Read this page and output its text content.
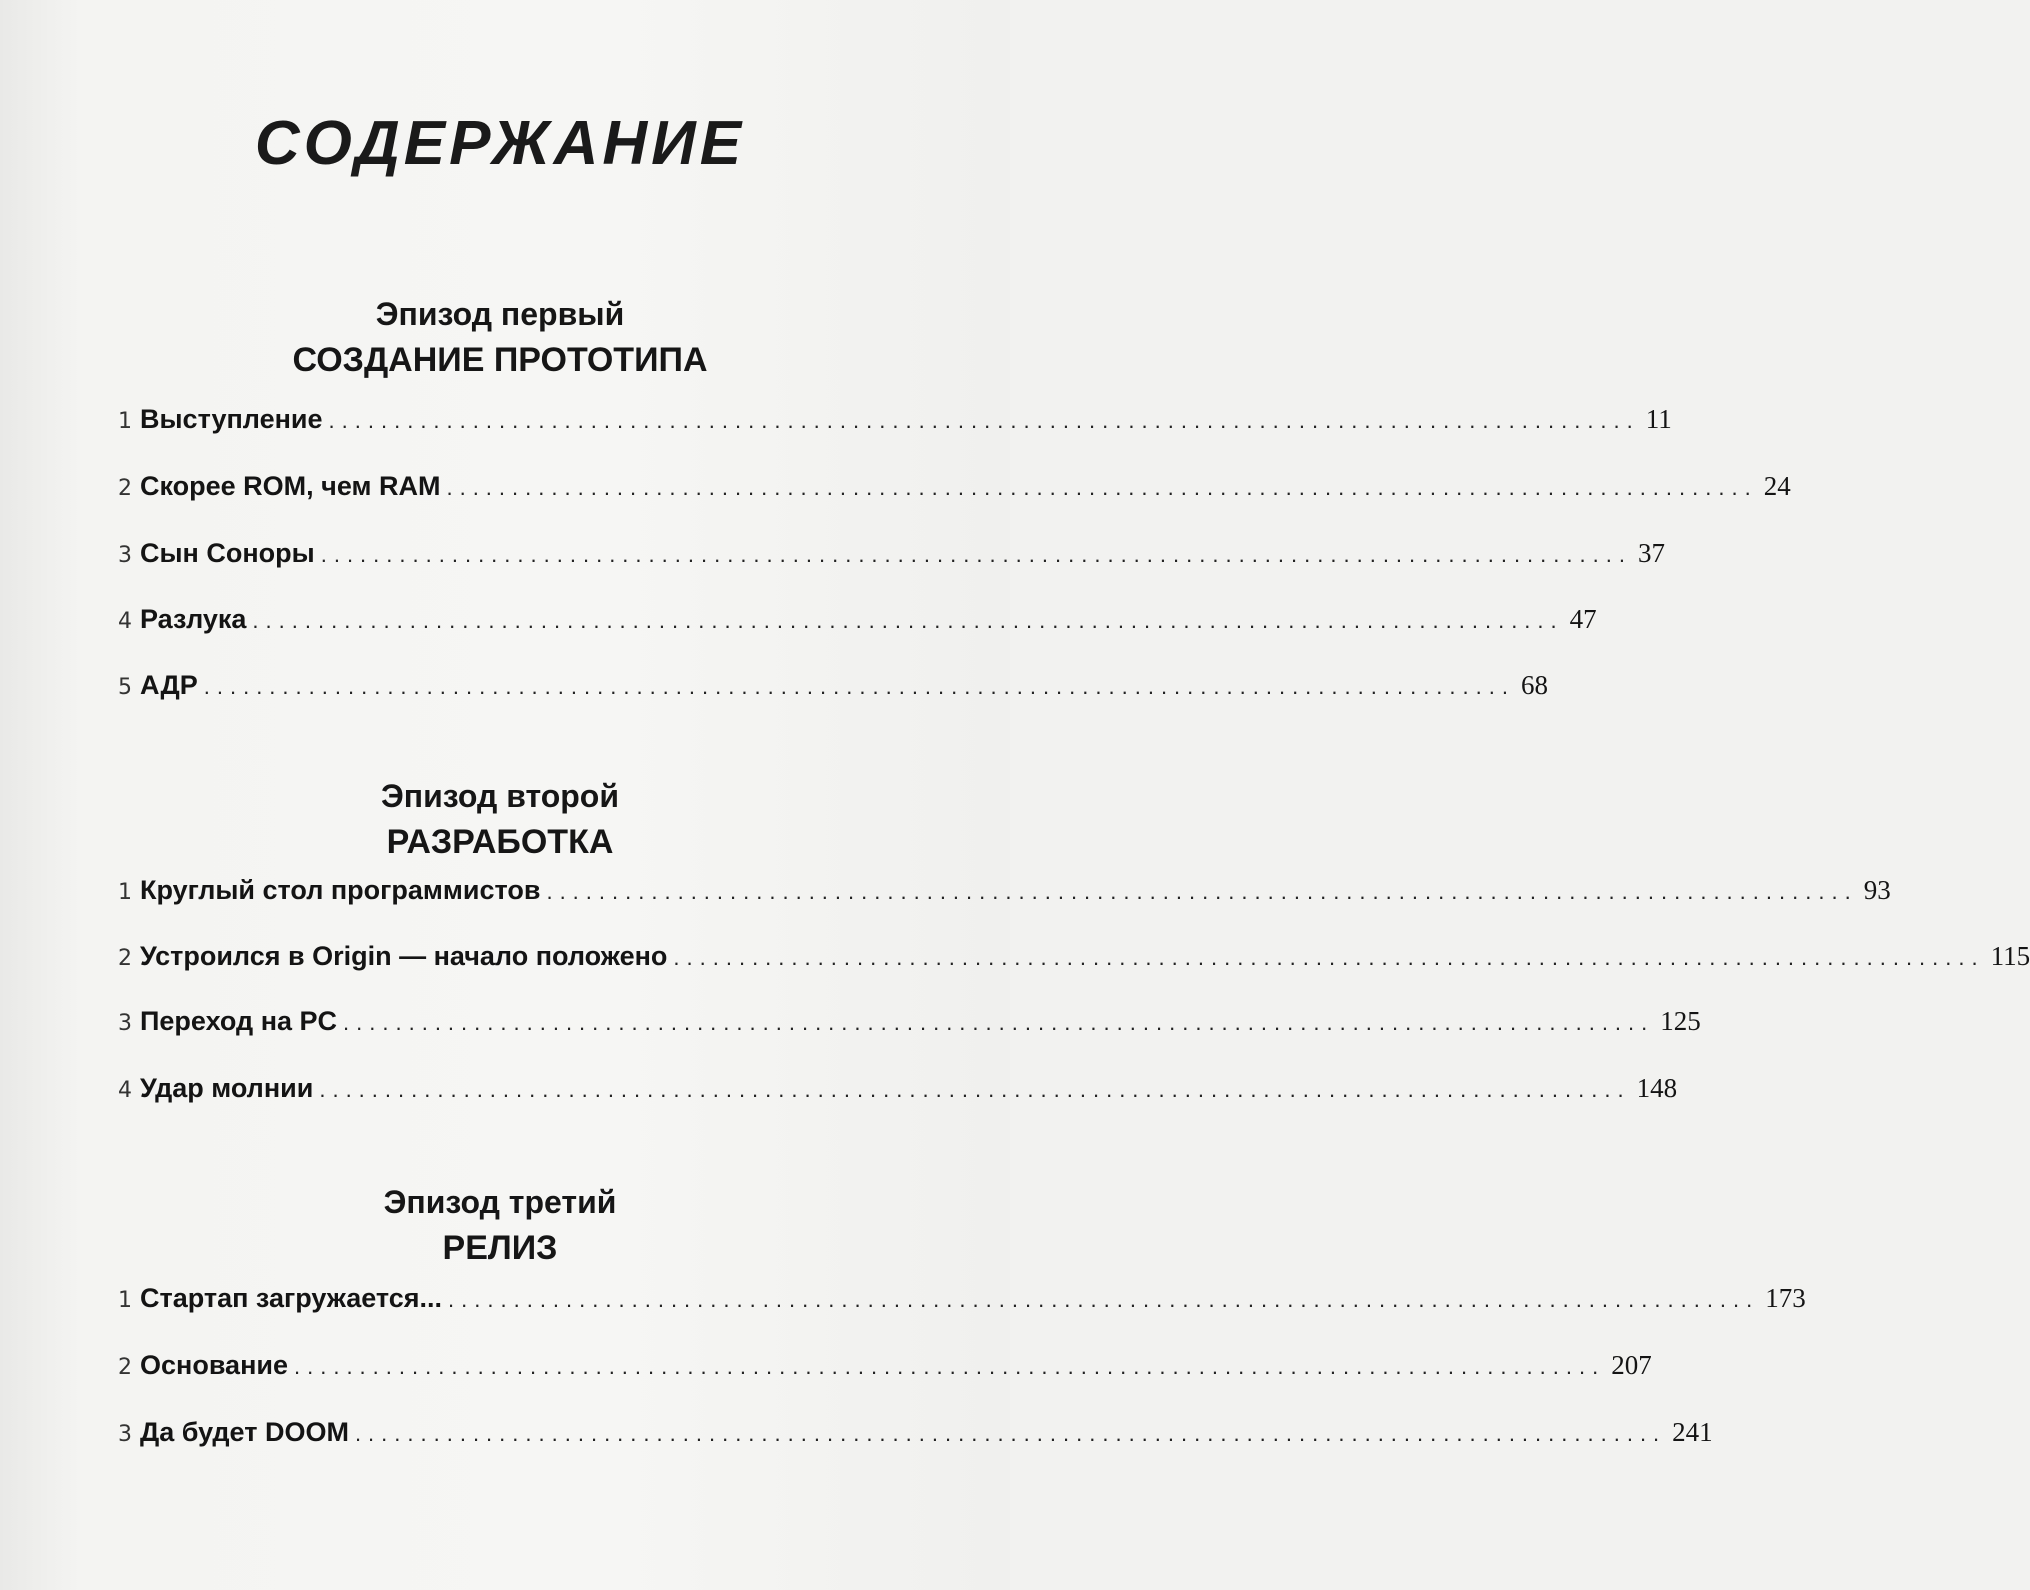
СОДЕРЖАНИЕ
Эпизод первый
СОЗДАНИЕ ПРОТОТИПА
1 Выступление .................................................................................................... 11
2 Скорее ROM, чем RAM .................................................................................................... 24
3 Сын Соноры .................................................................................................... 37
4 Разлука .................................................................................................... 47
5 АДР .................................................................................................... 68
Эпизод второй
РАЗРАБОТКА
1 Круглый стол программистов .................................................................................................... 93
2 Устроился в Origin — начало положено .................................................................................................... 115
3 Переход на PC .................................................................................................... 125
4 Удар молнии .................................................................................................... 148
Эпизод третий
РЕЛИЗ
1 Стартап загружается... .................................................................................................... 173
2 Основание .................................................................................................... 207
3 Да будет DOOM .................................................................................................... 241
